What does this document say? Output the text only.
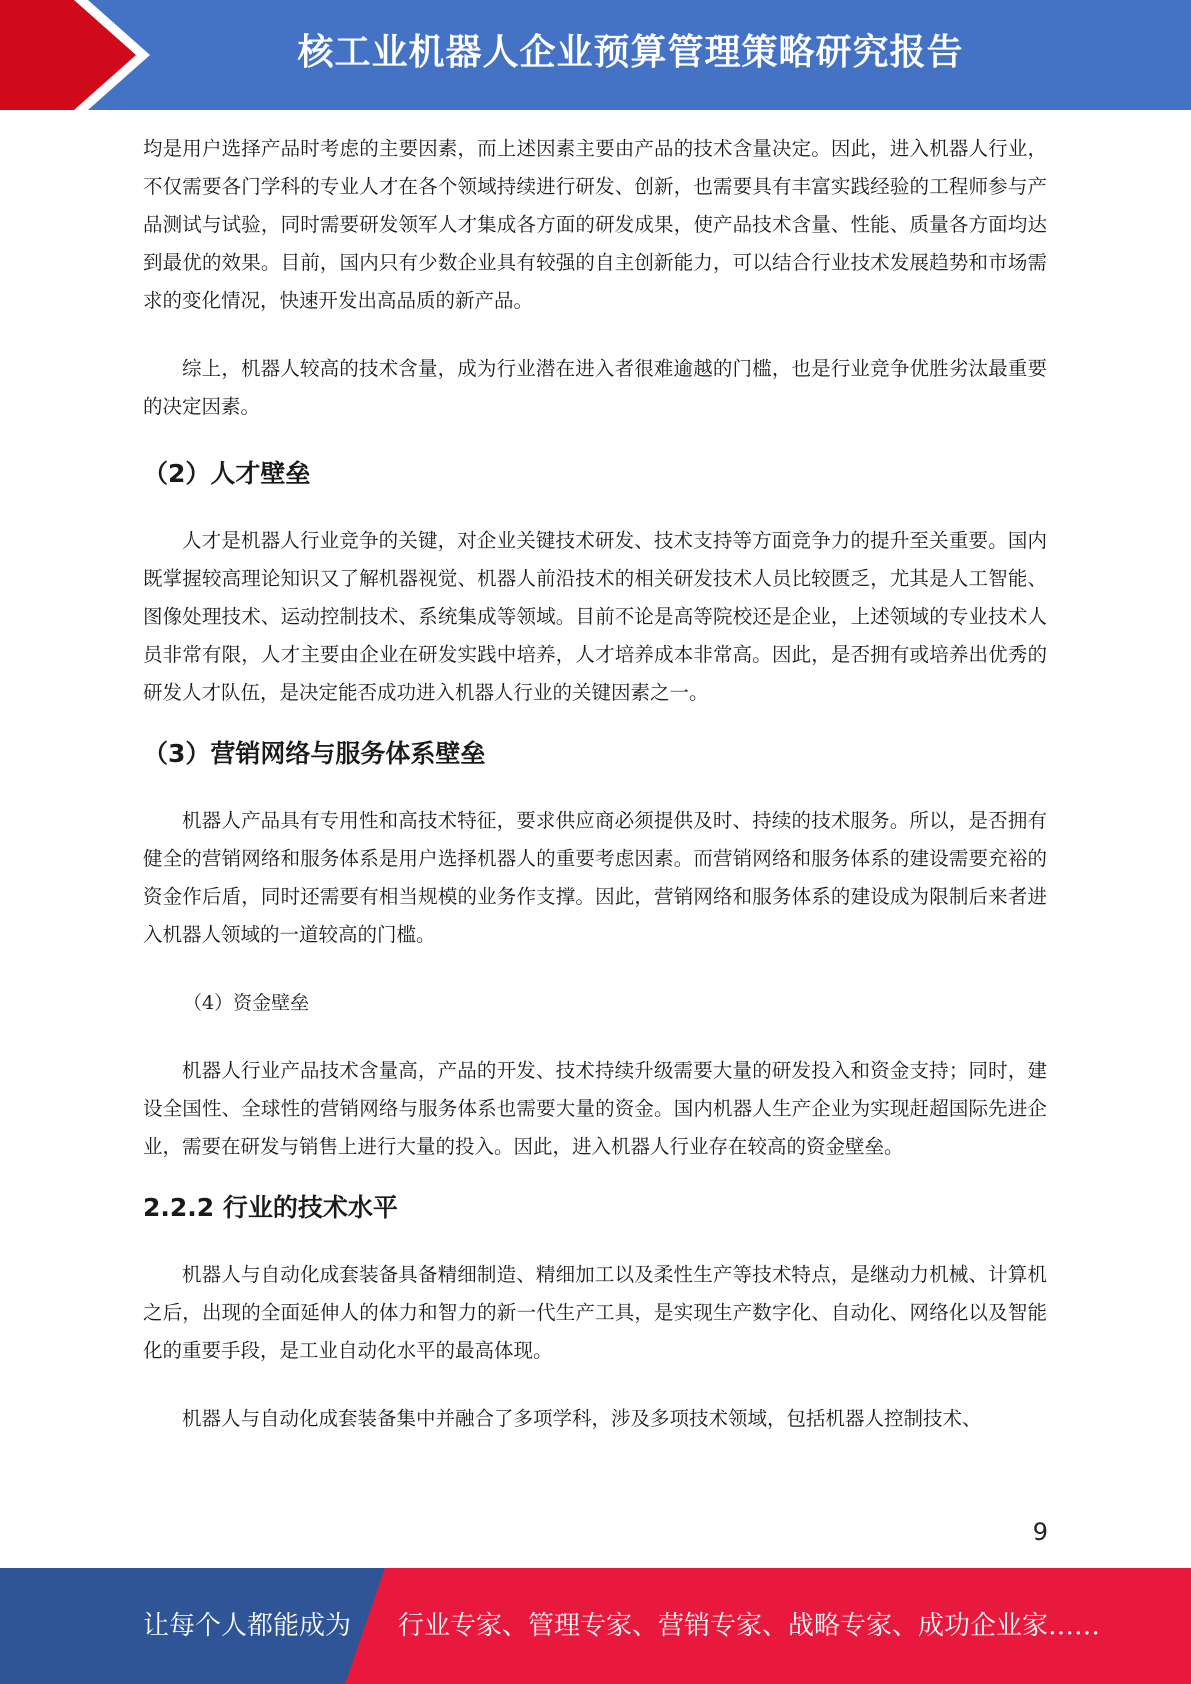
核工业机器人企业预算管理策略研究报告

均是用户选择产品时考虑的主要因素，而上述因素主要由产品的技术含量决定。因此，进入机器人行业，不仅需要各门学科的专业人才在各个领域持续进行研发、创新，也需要具有丰富实践经验的工程师参与产品测试与试验，同时需要研发领军人才集成各方面的研发成果，使产品技术含量、性能、质量各方面均达到最优的效果。目前，国内只有少数企业具有较强的自主创新能力，可以结合行业技术发展趋势和市场需求的变化情况，快速开发出高品质的新产品。

综上，机器人较高的技术含量，成为行业潜在进入者很难逾越的门槛，也是行业竞争优胜劣汰最重要的决定因素。

（2）人才壁垒

人才是机器人行业竞争的关键，对企业关键技术研发、技术支持等方面竞争力的提升至关重要。国内既掌握较高理论知识又了解机器视觉、机器人前沿技术的相关研发技术人员比较匮乏，尤其是人工智能、图像处理技术、运动控制技术、系统集成等领域。目前不论是高等院校还是企业，上述领域的专业技术人员非常有限，人才主要由企业在研发实践中培养，人才培养成本非常高。因此，是否拥有或培养出优秀的研发人才队伍，是决定能否成功进入机器人行业的关键因素之一。

（3）营销网络与服务体系壁垒

机器人产品具有专用性和高技术特征，要求供应商必须提供及时、持续的技术服务。所以，是否拥有健全的营销网络和服务体系是用户选择机器人的重要考虑因素。而营销网络和服务体系的建设需要充裕的资金作后盾，同时还需要有相当规模的业务作支撑。因此，营销网络和服务体系的建设成为限制后来者进入机器人领域的一道较高的门槛。

（4）资金壁垒

机器人行业产品技术含量高，产品的开发、技术持续升级需要大量的研发投入和资金支持；同时，建设全国性、全球性的营销网络与服务体系也需要大量的资金。国内机器人生产企业为实现赶超国际先进企业，需要在研发与销售上进行大量的投入。因此，进入机器人行业存在较高的资金壁垒。

2.2.2 行业的技术水平

机器人与自动化成套装备具备精细制造、精细加工以及柔性生产等技术特点，是继动力机械、计算机之后，出现的全面延伸人的体力和智力的新一代生产工具，是实现生产数字化、自动化、网络化以及智能化的重要手段，是工业自动化水平的最高体现。

机器人与自动化成套装备集中并融合了多项学科，涉及多项技术领域，包括机器人控制技术、

9
让每个人都能成为 行业专家、管理专家、营销专家、战略专家、成功企业家……
